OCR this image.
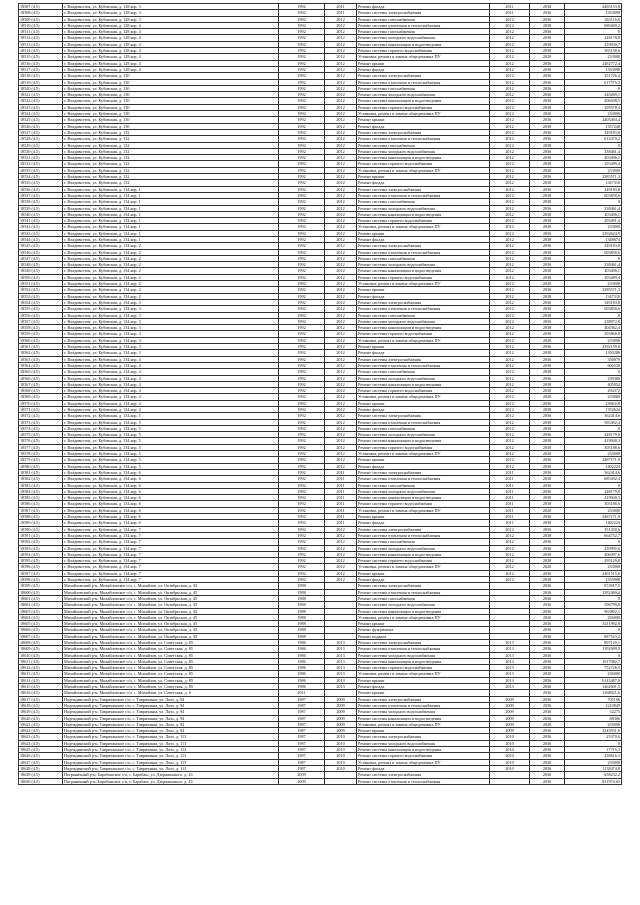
18507 (4.5)	г. Владивосток, ул. Кубовская, д. 128 кор. 3	1992	2011	Ремонт фасада	2011	2038	2465153,8
18508 (4.5)	г. Владивосток, ул. Кубовская, д. 128 кор. 3	1992	2011	Ремонт системы электроснабжения	2011	2036	1353098
18509 (4.5)	г. Владивосток, ул. Кубовская, д. 128 кор. 3	1992	2012	Ремонт системы газоснабжения	2012	2036	263116,6
18510 (4.5)	г. Владивосток, ул. Кубовская, д. 128 кор. 4	1992	2012	Ремонт системы отопления и теплоснабжения	2012	2038	689469,2
18511 (4.5)	г. Владивосток, ул. Кубовская, д. 128 кор. 4	1992	2012	Ремонт системы газоснабжения	2012	2036	0
18512 (4.5)	г. Владивосток, ул. Кубовская, д. 128 кор. 4	1992	2012	Ремонт системы холодного водоснабжения	2012	2038	248178,8
18513 (4.5)	г. Владивосток, ул. Кубовская, д. 128 кор. 4	1992	2012	Ремонт системы канализации и водоотведения	2012	2038	419930,7
18514 (4.5)	г. Владивосток, ул. Кубовская, д. 128 кор. 4	1992	2012	Ремонт системы горячего водоснабжения	2012	2038	365158,6
18515 (4.5)	г. Владивосток, ул. Кубовская, д. 128 кор. 4	1992	2012	Установка, ремонт и замена общедомовых ПУ	2012	2020	233000
18516 (4.5)	г. Владивосток, ул. Кубовская, д. 128 кор. 4	1992	2012	Ремонт крыши	2012	2036	2482772,4
18517 (4.5)	г. Владивосток, ул. Кубовская, д. 128 кор. 4	1992	2012	Ремонт фасада	2012	2038	1353098
18518 (4.5)	г. Владивосток, ул. Кубовская, д. 130	1992	2012	Ремонт системы электроснабжения	2012	2036	351726,4
18519 (4.5)	г. Владивосток, ул. Кубовская, д. 130	1992	2012	Ремонт системы отопления и теплоснабжения	2012	2036	617575,3
18520 (4.5)	г. Владивосток, ул. Кубовская, д. 130	1992	2012	Ремонт системы газоснабжения	2012	2036	0
18521 (4.5)	г. Владивосток, ул. Кубовская, д. 130	1992	2012	Ремонт системы холодного водоснабжения	2012	2036	240269,1
18522 (4.5)	г. Владивосток, ул. Кубовская, д. 130	1992	2012	Ремонт системы канализации и водоотведения	2012	2038	406438,5
18523 (4.5)	г. Владивосток, ул. Кубовская, д. 130	1992	2012	Ремонт системы горячего водоснабжения	2012	2038	295578,4
18524 (4.5)	г. Владивосток, ул. Кубовская, д. 130	1992	2012	Установка, ремонт и замена общедомовых ПУ	2012	2020	233000
18525 (4.5)	г. Владивосток, ул. Кубовская, д. 130	1992	2012	Ремонт крыши	2012	2036	2403404,4
18526 (4.5)	г. Владивосток, ул. Кубовская, д. 130	1992	2012	Ремонт фасада	2012	2038	1357248
18527 (4.5)	г. Владивосток, ул. Кубовская, д. 132	1992	2012	Ремонт системы электроснабжения	2012	2036	349183,8
18528 (4.5)	г. Владивосток, ул. Кубовская, д. 132	1992	2012	Ремонт системы отопления и теплоснабжения	2012	2036	612470,2
18529 (4.5)	г. Владивосток, ул. Кубовская, д. 132	1992	2012	Ремонт системы газоснабжения	2012	2038	0
18530 (4.5)	г. Владивосток, ул. Кубовская, д. 132	1992	2012	Ремонт системы холодного водоснабжения	2012	2036	238461,4
18531 (4.5)	г. Владивосток, ул. Кубовская, д. 132	1992	2012	Ремонт системы канализации и водоотведения	2012	2038	403496,1
18532 (4.5)	г. Владивосток, ул. Кубовская, д. 132	1992	2012	Ремонт системы горячего водоснабжения	2012	2038	293499,4
18533 (4.5)	г. Владивосток, ул. Кубовская, д. 132	1992	2012	Установка, ремонт и замена общедомовых ПУ	2012	2020	233000
18534 (4.5)	г. Владивосток, ул. Кубовская, д. 132	1992	2012	Ремонт крыши	2012	2036	2385571,3
18535 (4.5)	г. Владивосток, ул. Кубовская, д. 132	1992	2012	Ремонт фасада	2012	2038	1347318
18536 (4.5)	г. Владивосток, ул. Кубовская, д. 134 кор. 1	1992	2012	Ремонт системы электроснабжения	2012	2036	349183,8
18537 (4.5)	г. Владивосток, ул. Кубовская, д. 134 кор. 1	1992	2012	Ремонт системы отопления и теплоснабжения	2012	2038	603858,6
18538 (4.5)	г. Владивосток, ул. Кубовская, д. 134 кор. 1	1992	2012	Ремонт системы газоснабжения	2012	2038	0
18539 (4.5)	г. Владивосток, ул. Кубовская, д. 134 кор. 1	1992	2012	Ремонт системы холодного водоснабжения	2012	2036	238461,4
18540 (4.5)	г. Владивосток, ул. Кубовская, д. 134 кор. 1	1992	2012	Ремонт системы канализации и водоотведения	2012	2038	403496,1
18541 (4.5)	г. Владивосток, ул. Кубовская, д. 134 кор. 1	1992	2012	Ремонт системы горячего водоснабжения	2012	2038	293491,4
18542 (4.5)	г. Владивосток, ул. Кубовская, д. 134 кор. 1	1992	2012	Установка, ремонт и замена общедомовых ПУ	2012	2020	233000
18543 (4.5)	г. Владивосток, ул. Кубовская, д. 134 кор. 1	1992	2012	Ремонт крыши	2012	2036	2392624,9
18544 (4.5)	г. Владивосток, ул. Кубовская, д. 134 кор. 1	1992	2012	Ремонт фасада	2012	2038	1348674
18545 (4.5)	г. Владивосток, ул. Кубовская, д. 134 кор. 2	1992	2012	Ремонт системы электроснабжения	2012	2036	349183,8
18546 (4.5)	г. Владивосток, ул. Кубовская, д. 134 кор. 2	1992	2012	Ремонт системы отопления и теплоснабжения	2012	2038	603858,6
18547 (4.5)	г. Владивосток, ул. Кубовская, д. 134 кор. 2	1992	2012	Ремонт системы газоснабжения	2012	2038	0
18548 (4.5)	г. Владивосток, ул. Кубовская, д. 134 кор. 2	1992	2012	Ремонт системы холодного водоснабжения	2012	2036	238461,4
18549 (4.5)	г. Владивосток, ул. Кубовская, д. 134 кор. 2	1992	2012	Ремонт системы канализации и водоотведения	2012	2038	403496,1
18550 (4.5)	г. Владивосток, ул. Кубовская, д. 134 кор. 2	1992	2012	Ремонт системы горячего водоснабжения	2012	2038	293499,4
18551 (4.5)	г. Владивосток, ул. Кубовская, д. 134 кор. 2	1992	2012	Установка, ремонт и замена общедомовых ПУ	2012	2020	233000
18552 (4.5)	г. Владивосток, ул. Кубовская, д. 134 кор. 2	1992	2012	Ремонт крыши	2012	2036	2385571,3
18553 (4.5)	г. Владивосток, ул. Кубовская, д. 134 кор. 2	1992	2012	Ремонт фасада	2012	2038	1347318
18554 (4.5)	г. Владивосток, ул. Кубовская, д. 134 кор. 3	1992	2012	Ремонт системы электроснабжения	2012	2036	349183,8
18555 (4.5)	г. Владивосток, ул. Кубовская, д. 134 кор. 3	1992	2012	Ремонт системы отопления и теплоснабжения	2012	2038	603858,6
18556 (4.5)	г. Владивосток, ул. Кубовская, д. 134 кор. 3	1992	2012	Ремонт системы газоснабжения	2012	2038	0
18557 (4.5)	г. Владивосток, ул. Кубовская, д. 134 кор. 3	1992	2012	Ремонт системы холодного водоснабжения	2012	2036	238972,8
18558 (4.5)	г. Владивосток, ул. Кубовская, д. 134 кор. 3	1992	2012	Ремонт системы канализации и водоотведения	2012	2038	404362,4
18559 (4.5)	г. Владивосток, ул. Кубовская, д. 134 кор. 3	1992	2012	Ремонт системы горячего водоснабжения	2012	2038	293868,8
18560 (4.5)	г. Владивосток, ул. Кубовская, д. 134 кор. 3	1992	2012	Установка, ремонт и замена общедомовых ПУ	2012	2020	233000
18561 (4.5)	г. Владивосток, ул. Кубовская, д. 134 кор. 3	1992	2012	Ремонт крыши	2012	2036	2392159,8
18562 (4.5)	г. Владивосток, ул. Кубовская, д. 134 кор. 3	1992	2012	Ремонт фасада	2012	2038	1350286
18563 (4.5)	г. Владивосток, ул. Кубовская, д. 134 кор. 4	1992	2012	Ремонт системы электроснабжения	2012	2036	350870
18564 (4.5)	г. Владивосток, ул. Кубовская, д. 134 кор. 4	1992	2012	Ремонт системы отопления и теплоснабжения	2012	2038	606530
18565 (4.5)	г. Владивосток, ул. Кубовская, д. 134 кор. 4	1992	2012	Ремонт системы газоснабжения	2012	2038	0
18566 (4.5)	г. Владивосток, ул. Кубовская, д. 134 кор. 4	1992	2012	Ремонт системы холодного водоснабжения	2012	2036	239380
18567 (4.5)	г. Владивосток, ул. Кубовская, д. 134 кор. 4	1992	2012	Ремонт системы канализации и водоотведения	2012	2038	405054
18568 (4.5)	г. Владивосток, ул. Кубовская, д. 134 кор. 4	1992	2012	Ремонт системы горячего водоснабжения	2012	2038	294372
18569 (4.5)	г. Владивосток, ул. Кубовская, д. 134 кор. 4	1992	2012	Установка, ремонт и замена общедомовых ПУ	2012	2020	233000
18570 (4.5)	г. Владивосток, ул. Кубовская, д. 134 кор. 4	1992	2012	Ремонт крыши	2012	2036	2396318
18571 (4.5)	г. Владивосток, ул. Кубовская, д. 134 кор. 4	1992	2012	Ремонт фасада	2012	2038	1352624
18572 (4.5)	г. Владивосток, ул. Кубовская, д. 134 кор. 5	1992	2012	Ремонт системы электроснабжения	2012	2036	362414,6
18573 (4.5)	г. Владивосток, ул. Кубовская, д. 134 кор. 5	1992	2012	Ремонт системы отопления и теплоснабжения	2012	2038	585492,4
18574 (4.5)	г. Владивосток, ул. Кубовская, д. 134 кор. 5	1992	2012	Ремонт системы газоснабжения	2012	2038	0
18575 (4.5)	г. Владивосток, ул. Кубовская, д. 134 кор. 5	1992	2012	Ремонт системы холодного водоснабжения	2012	2036	248179,8
18576 (4.5)	г. Владивосток, ул. Кубовская, д. 134 кор. 5	1992	2012	Ремонт системы канализации и водоотведения	2012	2038	419940,3
18577 (4.5)	г. Владивосток, ул. Кубовская, д. 134 кор. 5	1992	2012	Ремонт системы горячего водоснабжения	2012	2038	305188,6
18578 (4.5)	г. Владивосток, ул. Кубовская, д. 134 кор. 5	1992	2012	Установка, ремонт и замена общедомовых ПУ	2012	2020	233000
18579 (4.5)	г. Владивосток, ул. Кубовская, д. 134 кор. 5	1992	2012	Ремонт крыши	2012	2036	2487171,9
18580 (4.5)	г. Владивосток, ул. Кубовская, д. 134 кор. 5	1992	2012	Ремонт фасада	2012	2038	1402224
18581 (4.5)	г. Владивосток, ул. Кубовская, д. 134 кор. 6	1992	2011	Ремонт системы электроснабжения	2011	2036	362414,6
18582 (4.5)	г. Владивосток, ул. Кубовская, д. 134 кор. 6	1992	2011	Ремонт системы отопления и теплоснабжения	2011	2038	685492,4
18583 (4.5)	г. Владивосток, ул. Кубовская, д. 134 кор. 6	1992	2011	Ремонт системы газоснабжения	2011	2036	0
18584 (4.5)	г. Владивосток, ул. Кубовская, д. 134 кор. 6	1992	2011	Ремонт системы холодного водоснабжения	2011	2036	248179,8
18585 (4.5)	г. Владивосток, ул. Кубовская, д. 134 кор. 6	1992	2011	Ремонт системы канализации и водоотведения	2011	2038	419940,3
18586 (4.5)	г. Владивосток, ул. Кубовская, д. 134 кор. 6	1992	2011	Ремонт системы горячего водоснабжения	2011	2038	305188,6
18587 (4.5)	г. Владивосток, ул. Кубовская, д. 134 кор. 6	1992	2011	Установка, ремонт и замена общедомовых ПУ	2011	2020	233000
18588 (4.5)	г. Владивосток, ул. Кубовская, д. 134 кор. 6	1992	2011	Ремонт крыши	2011	2036	2487171,9
18589 (4.5)	г. Владивосток, ул. Кубовская, д. 134 кор. 6	1992	2011	Ремонт фасада	2011	2038	1402224
18590 (4.5)	г. Владивосток, ул. Кубовская, д. 134 кор. 7	1992	2012	Ремонт системы электроснабжения	2012	2036	351430,6
18591 (4.5)	г. Владивосток, ул. Кубовская, д. 134 кор. 7	1992	2012	Ремонт системы отопления и теплоснабжения	2012	2038	664752,7
18592 (4.5)	г. Владивосток, ул. Кубовская, д. 134 кор. 7	1992	2012	Ремонт системы газоснабжения	2012	2036	0
18593 (4.5)	г. Владивосток, ул. Кубовская, д. 134 кор. 7	1992	2012	Ремонт системы холодного водоснабжения	2012	2036	239995,6
18594 (4.5)	г. Владивосток, ул. Кубовская, д. 134 кор. 7	1992	2012	Ремонт системы канализации и водоотведения	2012	2038	406097,6
18595 (4.5)	г. Владивосток, ул. Кубовская, д. 134 кор. 7	1992	2012	Ремонт системы горячего водоснабжения	2012	2038	295129,8
18596 (4.5)	г. Владивосток, ул. Кубовская, д. 134 кор. 7	1992	2012	Установка, ремонт и замена общедомовых ПУ	2012	2020	233000
18597 (4.5)	г. Владивосток, ул. Кубовская, д. 134 кор. 7	1992	2012	Ремонт крыши	2012	2036	2401515,6
18598 (4.5)	г. Владивосток, ул. Кубовская, д. 134 кор. 7	1992	2012	Ремонт фасада	2012	2038	1355988
18599 (4.5)	Михайловский р-н, Михайловское с/п, с. Михайлов, ул. Октябрьская, д. 45	1988		Ремонт системы электроснабжения		2036	874917,5
18600 (4.5)	Михайловский р-н, Михайловское с/п, с. Михайлов, ул. Октябрьская, д. 45	1988		Ремонт системы отопления и теплоснабжения		2036	1282469,4
18601 (4.5)	Михайловский р-н, Михайловское с/п, с. Михайлов, ул. Октябрьская, д. 45	1988		Ремонт системы газоснабжения		2036	0
18602 (4.5)	Михайловский р-н, Михайловское с/п, с. Михайлов, ул. Октябрьская, д. 45	1988		Ремонт системы холодного водоснабжения		2036	596799,8
18603 (4.5)	Михайловский р-н, Михайловское с/п, с. Михайлов, ул. Октябрьская, д. 45	1988		Ремонт системы канализации и водоотведения		2036	963802,1
18604 (4.5)	Михайловский р-н, Михайловское с/п, с. Михайлов, ул. Октябрьская, д. 45	1988		Установка, ремонт и замена общедомовых ПУ		2020	236000
18605 (4.5)	Михайловский р-н, Михайловское с/п, с. Михайлов, ул. Октябрьская, д. 45	1988		Ремонт крыши		2036	3211992,8
18606 (4.5)	Михайловский р-н, Михайловское с/п, с. Михайлов, ул. Октябрьская, д. 45	1988		Ремонт фундамента		2036	0
18607 (4.5)	Михайловский р-н, Михайловское с/п, с. Михайлов, ул. Октябрьская, д. 45	1988		Ремонт подвала		2036	887523,2
18608 (4.5)	Михайловский р-н, Михайловское с/п, с. Михайлов, ул. Советская, д. 85	1986	2013	Ремонт системы электроснабжения	2013	2036	897120,1
18609 (4.5)	Михайловский р-н, Михайловское с/п, с. Михайлов, ул. Советская, д. 85	1986	2013	Ремонт системы отопления и теплоснабжения	2013	2036	1392909,9
18610 (4.5)	Михайловский р-н, Михайловское с/п, с. Михайлов, ул. Советская, д. 85	1986	2013	Ремонт системы холодного водоснабжения	2013	2036	0
18611 (4.5)	Михайловский р-н, Михайловское с/п, с. Михайлов, ул. Советская, д. 85	1986	2013	Ремонт системы канализации и водоотведения	2013	2036	1017082,7
18612 (4.5)	Михайловский р-н, Михайловское с/п, с. Михайлов, ул. Советская, д. 85	1986	2013	Ремонт системы горячего водоснабжения	2013	2036	752726,3
18613 (4.5)	Михайловский р-н, Михайловское с/п, с. Михайлов, ул. Советская, д. 85	1986	2013	Установка, ремонт и замена общедомовых ПУ	2013	2020	236000
18614 (4.5)	Михайловский р-н, Михайловское с/п, с. Михайлов, ул. Советская, д. 85	1986	2013	Ремонт крыши	2013	2036	6143487,9
18615 (4.5)	Михайловский р-н, Михайловское с/п, с. Михайлов, ул. Советская, д. 85	1986	2013	Ремонт фасада	2013	2036	1462601,5
18616 (4.5)	Михайловский р-н, Михайловское с/п, с. Михайлов, ул. Советская, д. 6	2011		Ремонт крыши		2036	1368021,6
18617 (4.5)	Надеждинский р-н, Тавричанское с/п, с. Тавричанка, ул. Лазо, д. 94	1987	2009	Ремонт системы электроснабжения	2009	2036	705166
18618 (4.5)	Надеждинский р-н, Тавричанское с/п, с. Тавричанка, ул. Лазо, д. 94	1987	2009	Ремонт системы отопления и теплоснабжения	2009	2036	2210849
18619 (4.5)	Надеждинский р-н, Тавричанское с/п, с. Тавричанка, ул. Лазо, д. 94	1987	2009	Ремонт системы холодного водоснабжения	2009	2036	52275
18620 (4.5)	Надеждинский р-н, Тавричанское с/п, с. Тавричанка, ул. Лазо, д. 94	1987	2009	Ремонт системы канализации и водоотведения	2009	2036	88306
18621 (4.5)	Надеждинский р-н, Тавричанское с/п, с. Тавричанка, ул. Лазо, д. 94	1987	2009	Установка, ремонт и замена общедомовых ПУ	2009	2020	235000
18622 (4.5)	Надеждинский р-н, Тавричанское с/п, с. Тавричанка, ул. Лазо, д. 94	1987	2009	Ремонт крыши	2009	2036	2245931,6
18623 (4.5)	Надеждинский р-н, Тавричанское с/п, с. Тавричанка, ул. Лазо, д. 113	1987	2010	Ремонт системы электроснабжения	2010	2036	25370,6
18624 (4.5)	Надеждинский р-н, Тавричанское с/п, с. Тавричанка, ул. Лазо, д. 113	1987	2010	Ремонт системы холодного водоснабжения	2010	2036	0
18625 (4.5)	Надеждинский р-н, Тавричанское с/п, с. Тавричанка, ул. Лазо, д. 113	1987	2010	Ремонт системы канализации и водоотведения	2010	2036	17715,3
18626 (4.5)	Надеждинский р-н, Тавричанское с/п, с. Тавричанка, ул. Лазо, д. 113	1987	2010	Ремонт системы горячего водоснабжения	2010	2036	438616,3
18627 (4.5)	Надеждинский р-н, Тавричанское с/п, с. Тавричанка, ул. Лазо, д. 113	1987	2010	Установка, ремонт и замена общедомовых ПУ	2010	2020	235000
18628 (4.5)	Надеждинский р-н, Тавричанское с/п, с. Тавричанка, ул. Лазо, д. 113	1987	2010	Ремонт фасада	2010	2036	1138474,8
18629 (4.5)	Пограничный р-н, Барабашское с/п, с. Барабаш, ул. Дзержинского, д. 43	2009		Ремонт системы электроснабжения		2036	658232,2
18630 (4.5)	Пограничный р-н, Барабашское с/п, с. Барабаш, ул. Дзержинского, д. 43	2009		Ремонт системы отопления и теплоснабжения		2036	831974,65
